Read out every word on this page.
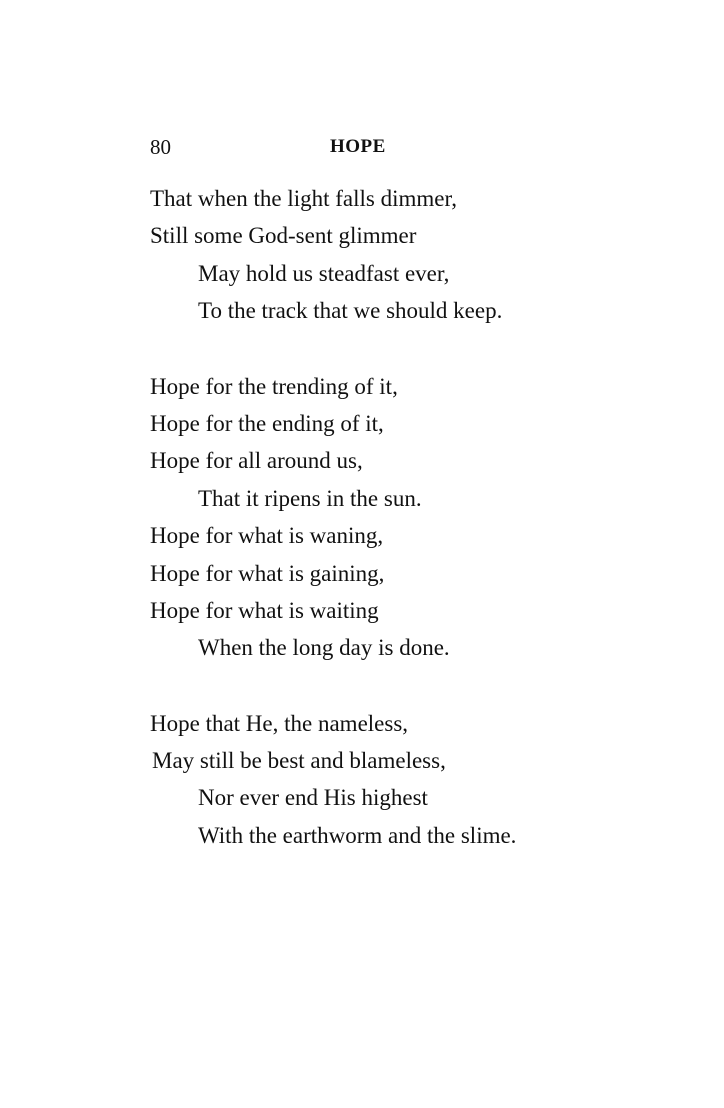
80	HOPE
That when the light falls dimmer,
Still some God-sent glimmer
May hold us steadfast ever,
To the track that we should keep.
Hope for the trending of it,
Hope for the ending of it,
Hope for all around us,
That it ripens in the sun.
Hope for what is waning,
Hope for what is gaining,
Hope for what is waiting
When the long day is done.
Hope that He, the nameless,
May still be best and blameless,
Nor ever end His highest
With the earthworm and the slime.
